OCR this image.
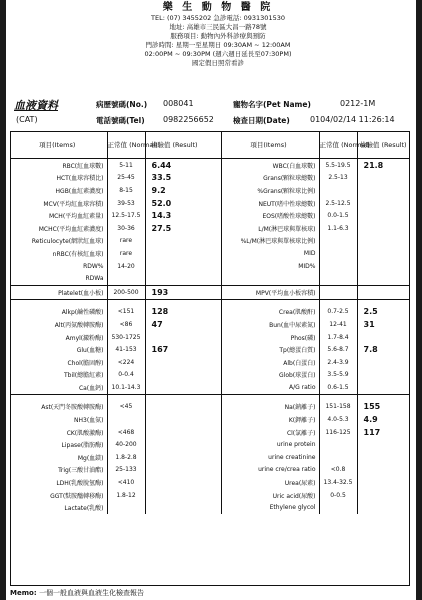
樂 生 動 物 醫 院
TEL: (07) 3455202 急診電話: 0931301530
地址: 高雄市三民區大昌一路78號
服務項目: 動物內外科診療與預防
門診時間: 星期一至星期日 09:30AM ~ 12:00AM
02:00PM ~ 09:30PM (週六週日延長至07:30PM)
國定假日照常看診
血液資料
(CAT)
病歷號碼(No.) 008041	寵物名字(Pet Name)	0212-1M
電話號碼(Tel) 0982256652	檢查日期(Date)	0104/02/14 11:26:14
項目(Items)	正常值 (Normal)	檢驗值 (Result)		項目(Items)	正常值 (Normal)	檢驗值 (Result)
RBC(紅血球數)	5-11	6.44		WBC(白血球數)	5.5-19.5	21.8
HCT(血球容積比)	25-45	33.5		Grans(顆粒球總數)	2.5-13	
HGB(血紅素濃度)	8-15	9.2		%Grans(顆粒球比例)		
MCV(平均紅血球容積)	39-53	52.0		NEUT(嗜中性球總數)	2.5-12.5	
MCH(平均血紅素量)	12.5-17.5	14.3		EOS(嗜酸性球總數)	0.0-1.5	
MCHC(平均血紅素濃度)	30-36	27.5		L/M(淋巴球與單核球)	1.1-6.3	
Reticulocyte(網狀紅血球)	rare			%L/M(淋巴球與單核球比例)		
nRBC(有核紅血球)	rare			MID		
RDW%	14-20			MID%		
RDWa						
Platelet(血小板)	200-500	193		MPV(平均血小板容積)		

Alkp(鹼性磷酸)	<151	128		Crea(肌酸酐)	0.7-2.5	2.5
Alt(丙氨酸轉胺酶)	<86	47		Bun(血中尿素氮)	12-41	31
Amyl(澱粉酶)	530-1725			Phos(磷)	1.7-8.4	
Glu(血糖)	41-153	167		Tp(總蛋白質)	5.6-8.7	7.8
Chol(膽固醇)	<224			Alb(白蛋白)	2.4-3.9	
Tbil(總膽紅素)	0-0.4			Glob(球蛋白)	3.5-5.9	
Ca(血鈣)	10.1-14.3			A/G ratio	0.6-1.5	

Ast(天門冬胺酸轉胺酶)	<45			Na(鈉離子)	151-158	155
NH3(血氨)				K(鉀離子)	4.0-5.3	4.9
CK(肌酸激酶)	<468			Cl(氯離子)	116-125	117
Lipase(脂肪酶)	40-200			urine protein		
Mg(血鎂)	1.8-2.8			urine creatinine		
Trig(三酸甘油酯)	25-133			urine cre/crea ratio	<0.8	
LDH(乳酸脫氫酶)	<410			Urea(尿素)	13.4-32.5	
GGT(麩胺醯轉移酶)	1.8-12			Uric acid(尿酸)	0-0.5	
Lactate(乳酸)				Ethylene glycol		
Memo: 一個一般血液與血液生化檢查報告
